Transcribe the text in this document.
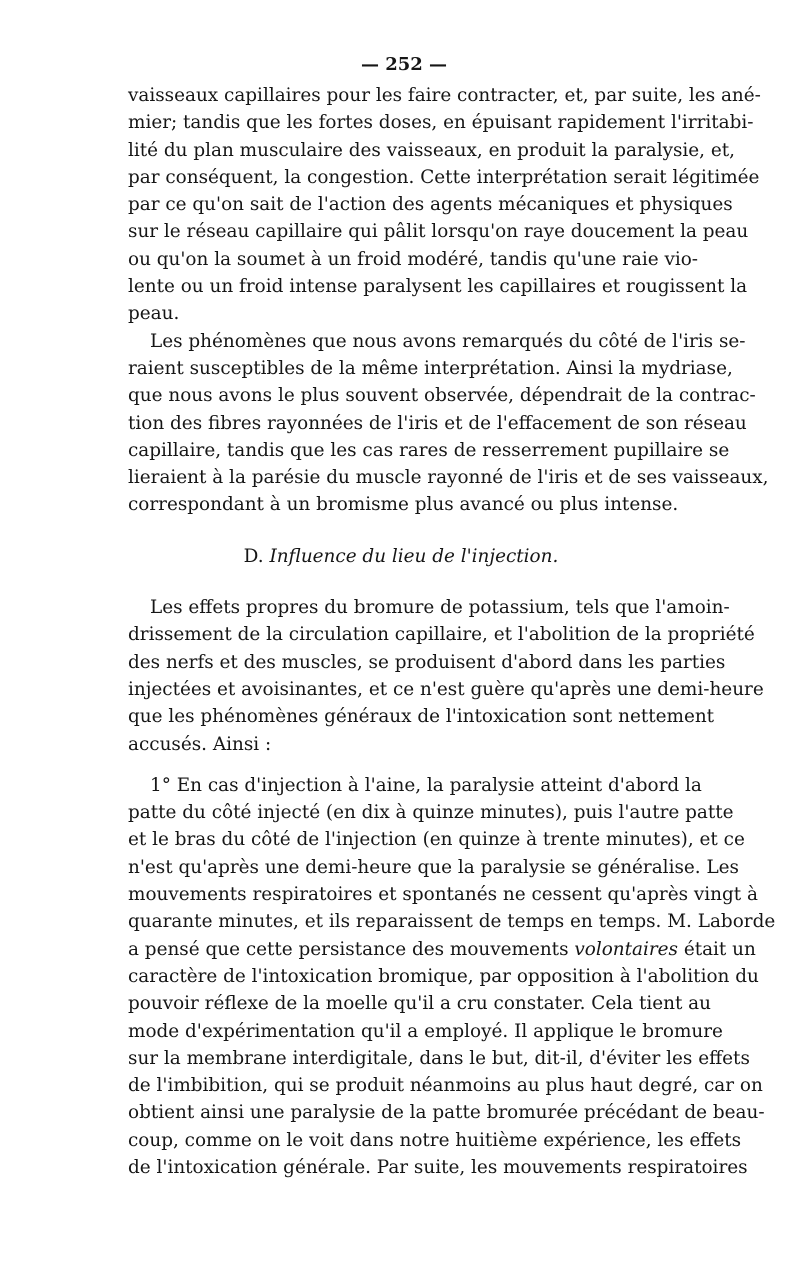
— 252 —
vaisseaux capillaires pour les faire contracter, et, par suite, les ané-
mier; tandis que les fortes doses, en épuisant rapidement l'irritabi-
lité du plan musculaire des vaisseaux, en produit la paralysie, et,
par conséquent, la congestion. Cette interprétation serait légitimée
par ce qu'on sait de l'action des agents mécaniques et physiques
sur le réseau capillaire qui pâlit lorsqu'on raye doucement la peau
ou qu'on la soumet à un froid modéré, tandis qu'une raie vio-
lente ou un froid intense paralysent les capillaires et rougissent la
peau.
Les phénomènes que nous avons remarqués du côté de l'iris se-
raient susceptibles de la même interprétation. Ainsi la mydriase,
que nous avons le plus souvent observée, dépendrait de la contrac-
tion des fibres rayonnées de l'iris et de l'effacement de son réseau
capillaire, tandis que les cas rares de resserrement pupillaire se
lieraient à la parésie du muscle rayonné de l'iris et de ses vaisseaux,
correspondant à un bromisme plus avancé ou plus intense.
D. Influence du lieu de l'injection.
Les effets propres du bromure de potassium, tels que l'amoin-
drissement de la circulation capillaire, et l'abolition de la propriété
des nerfs et des muscles, se produisent d'abord dans les parties
injectées et avoisinantes, et ce n'est guère qu'après une demi-heure
que les phénomènes généraux de l'intoxication sont nettement
accusés. Ainsi :
1° En cas d'injection à l'aine, la paralysie atteint d'abord la
patte du côté injecté (en dix à quinze minutes), puis l'autre patte
et le bras du côté de l'injection (en quinze à trente minutes), et ce
n'est qu'après une demi-heure que la paralysie se généralise. Les
mouvements respiratoires et spontanés ne cessent qu'après vingt à
quarante minutes, et ils reparaissent de temps en temps. M. Laborde
a pensé que cette persistance des mouvements volontaires était un
caractère de l'intoxication bromique, par opposition à l'abolition du
pouvoir réflexe de la moelle qu'il a cru constater. Cela tient au
mode d'expérimentation qu'il a employé. Il applique le bromure
sur la membrane interdigitale, dans le but, dit-il, d'éviter les effets
de l'imbibition, qui se produit néanmoins au plus haut degré, car on
obtient ainsi une paralysie de la patte bromurée précédant de beau-
coup, comme on le voit dans notre huitième expérience, les effets
de l'intoxication générale. Par suite, les mouvements respiratoires
